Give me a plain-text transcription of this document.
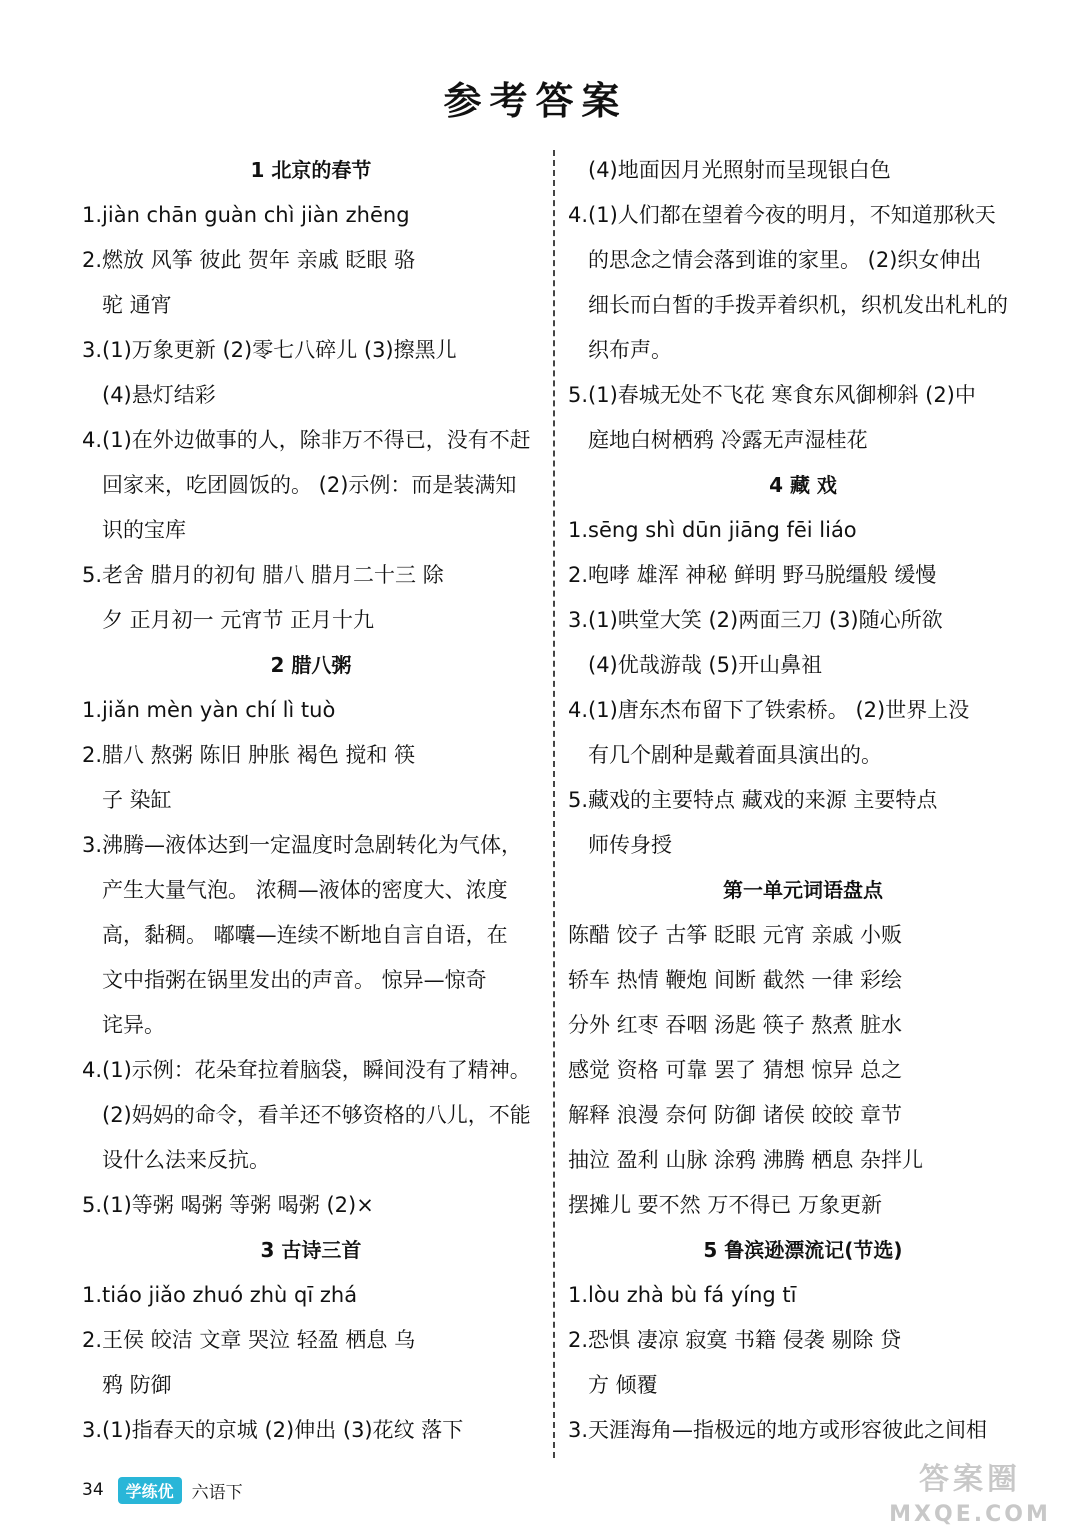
参考答案
1 北京的春节
1.jiàn chān guàn chì jiàn zhēng
2.燃放 风筝 彼此 贺年 亲戚 眨眼 骆
驼 通宵
3.(1)万象更新 (2)零七八碎儿 (3)擦黑儿
(4)悬灯结彩
4.(1)在外边做事的人，除非万不得已，没有不赶
回家来，吃团圆饭的。 (2)示例：而是装满知
识的宝库
5.老舍 腊月的初旬 腊八 腊月二十三 除
夕 正月初一 元宵节 正月十九
2 腊八粥
1.jiǎn mèn yàn chí lì tuò
2.腊八 熬粥 陈旧 肿胀 褐色 搅和 筷
子 染缸
3.沸腾—液体达到一定温度时急剧转化为气体，
产生大量气泡。 浓稠—液体的密度大、浓度
高，黏稠。 嘟囔—连续不断地自言自语，在
文中指粥在锅里发出的声音。 惊异—惊奇
诧异。
4.(1)示例：花朵耷拉着脑袋，瞬间没有了精神。
(2)妈妈的命令，看羊还不够资格的八儿，不能
设什么法来反抗。
5.(1)等粥 喝粥 等粥 喝粥 (2)×
3 古诗三首
1.tiáo jiǎo zhuó zhù qī zhá
2.王侯 皎洁 文章 哭泣 轻盈 栖息 乌
鸦 防御
3.(1)指春天的京城 (2)伸出 (3)花纹 落下
(4)地面因月光照射而呈现银白色
4.(1)人们都在望着今夜的明月，不知道那秋天
的思念之情会落到谁的家里。 (2)织女伸出
细长而白皙的手拨弄着织机，织机发出札札的
织布声。
5.(1)春城无处不飞花 寒食东风御柳斜 (2)中
庭地白树栖鸦 冷露无声湿桂花
4 藏 戏
1.sēng shì dūn jiāng fēi liáo
2.咆哮 雄浑 神秘 鲜明 野马脱缰般 缓慢
3.(1)哄堂大笑 (2)两面三刀 (3)随心所欲
(4)优哉游哉 (5)开山鼻祖
4.(1)唐东杰布留下了铁索桥。 (2)世界上没
有几个剧种是戴着面具演出的。
5.藏戏的主要特点 藏戏的来源 主要特点
师传身授
第一单元词语盘点
陈醋 饺子 古筝 眨眼 元宵 亲戚 小贩
轿车 热情 鞭炮 间断 截然 一律 彩绘
分外 红枣 吞咽 汤匙 筷子 熬煮 脏水
感觉 资格 可靠 罢了 猜想 惊异 总之
解释 浪漫 奈何 防御 诸侯 皎皎 章节
抽泣 盈利 山脉 涂鸦 沸腾 栖息 杂拌儿
摆摊儿 要不然 万不得已 万象更新
5 鲁滨逊漂流记(节选)
1.lòu zhà bù fá yíng tī
2.恐惧 凄凉 寂寞 书籍 侵袭 剔除 贷
方 倾覆
3.天涯海角—指极远的地方或形容彼此之间相
34	学练优	六语下	答案圈
MXQE.COM
